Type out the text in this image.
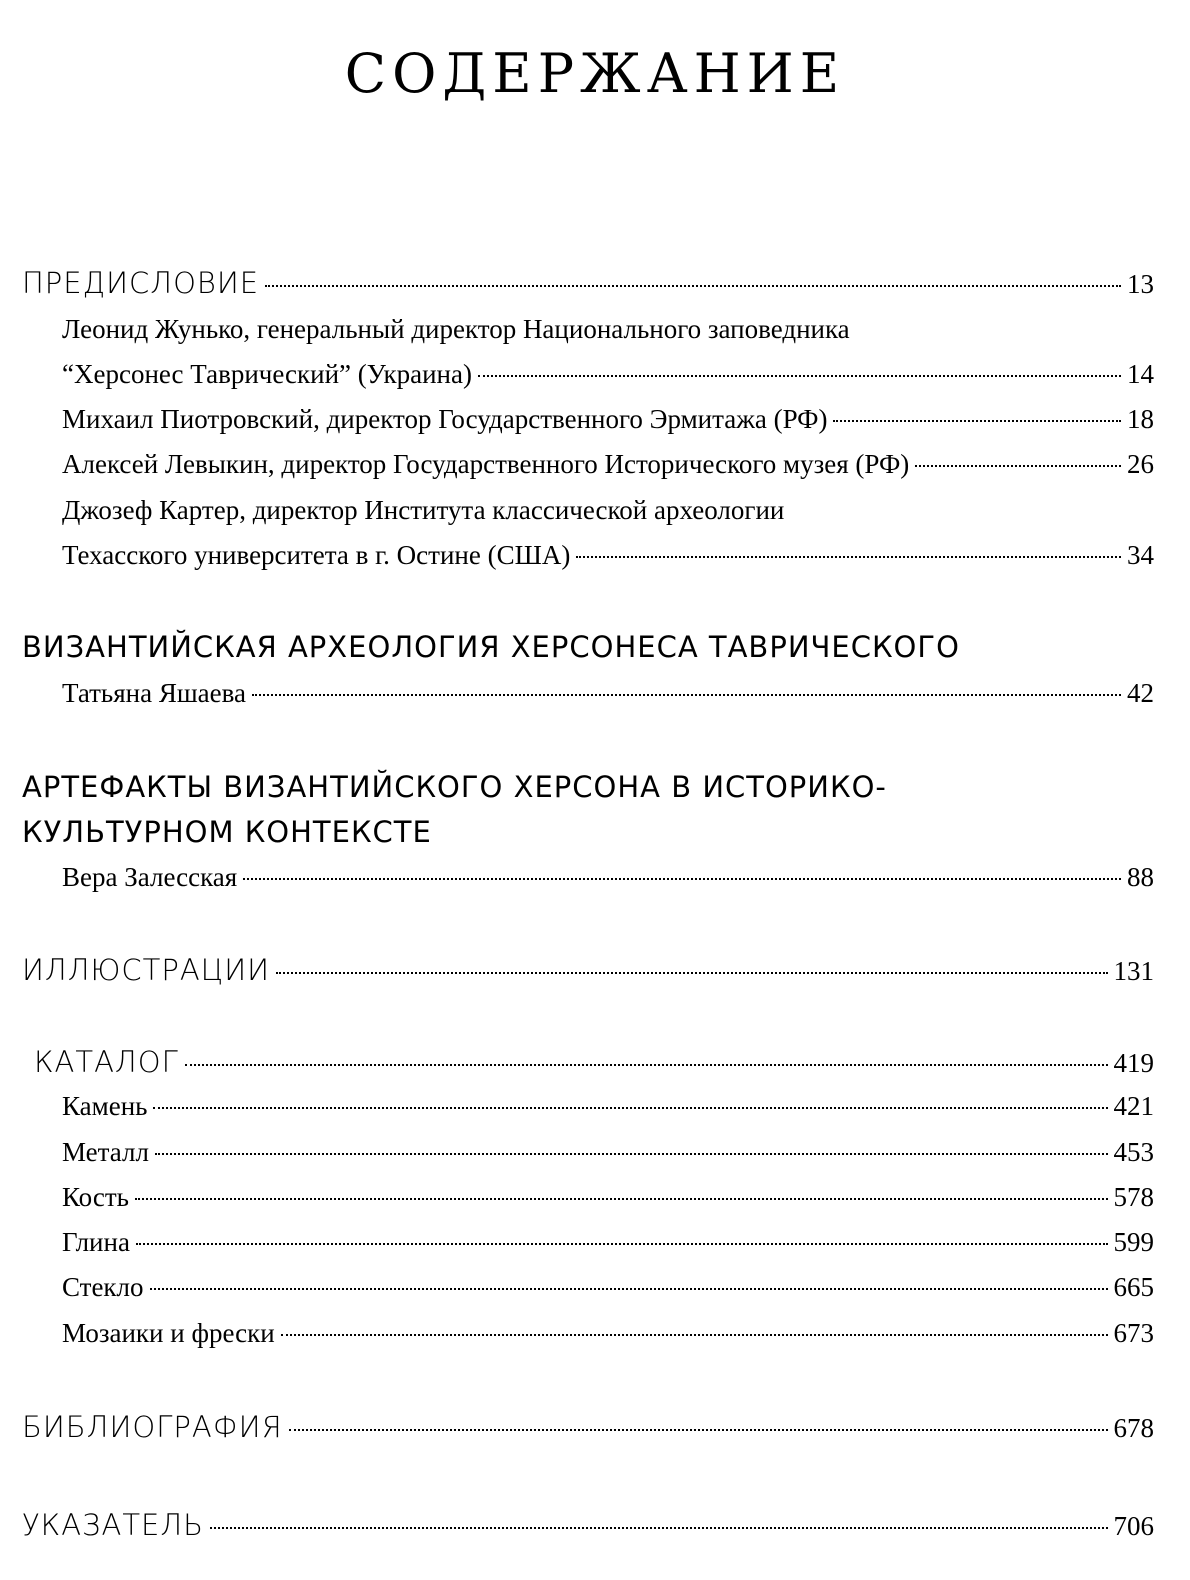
СОДЕРЖАНИЕ
ПРЕДИСЛОВИЕ	13
Леонид Жунько, генеральный директор Национального заповедника
“Херсонес Таврический” (Украина)	14
Михаил Пиотровский, директор Государственного Эрмитажа (РФ)	18
Алексей Левыкин, директор Государственного Исторического музея (РФ)	26
Джозеф Картер, директор Института классической археологии
Техасского университета в г. Остине (США)	34
ВИЗАНТИЙСКАЯ АРХЕОЛОГИЯ ХЕРСОНЕСА ТАВРИЧЕСКОГО
Татьяна Яшаева	42
АРТЕФАКТЫ ВИЗАНТИЙСКОГО ХЕРСОНА В ИСТОРИКО-
КУЛЬТУРНОМ КОНТЕКСТЕ
Вера Залесская	88
ИЛЛЮСТРАЦИИ	131
КАТАЛОГ	419
Камень	421
Металл	453
Кость	578
Глина	599
Стекло	665
Мозаики и фрески	673
БИБЛИОГРАФИЯ	678
УКАЗАТЕЛЬ	706
